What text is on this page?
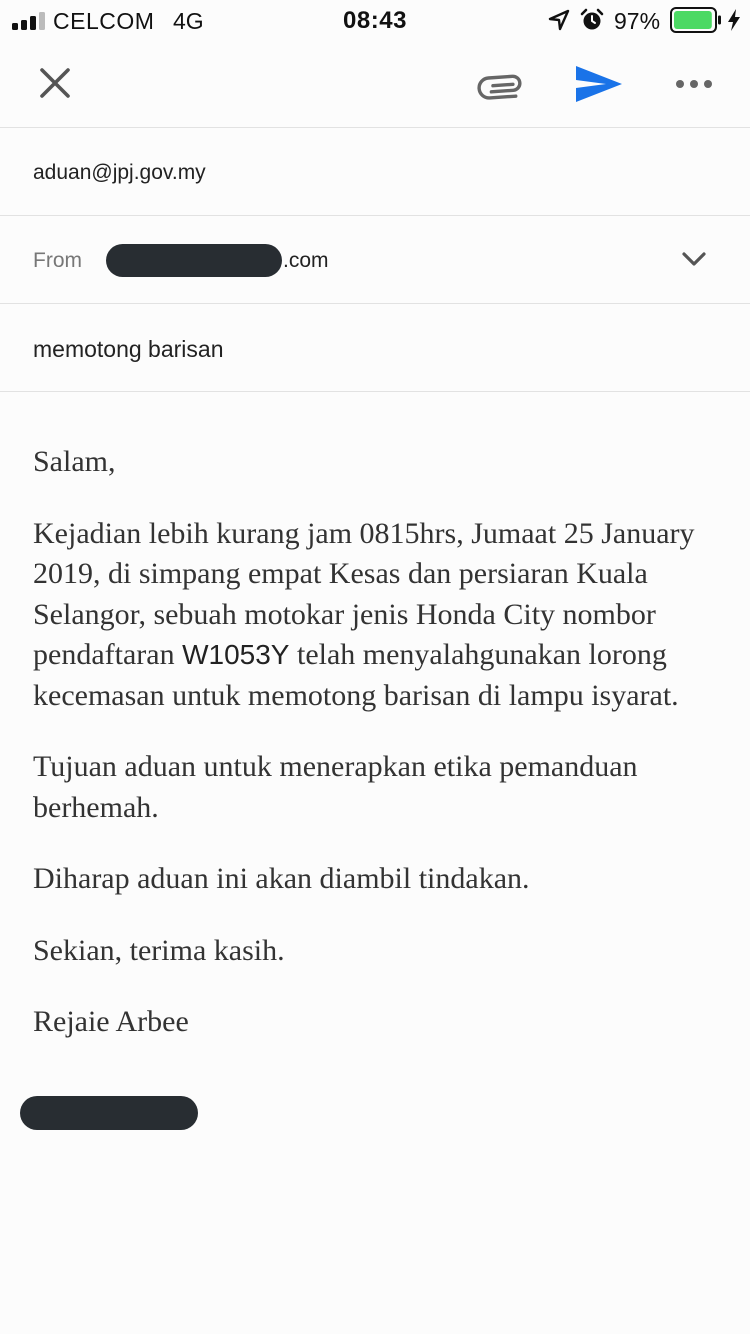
CELCOM 4G	08:43	97%
aduan@jpj.gov.my
From	.com
memotong barisan

Salam,

Kejadian lebih kurang jam 0815hrs, Jumaat 25 January 2019, di simpang empat Kesas dan persiaran Kuala Selangor, sebuah motokar jenis Honda City nombor pendaftaran W1053Y telah menyalahgunakan lorong kecemasan untuk memotong barisan di lampu isyarat.

Tujuan aduan untuk menerapkan etika pemanduan berhemah.

Diharap aduan ini akan diambil tindakan.

Sekian, terima kasih.

Rejaie Arbee
